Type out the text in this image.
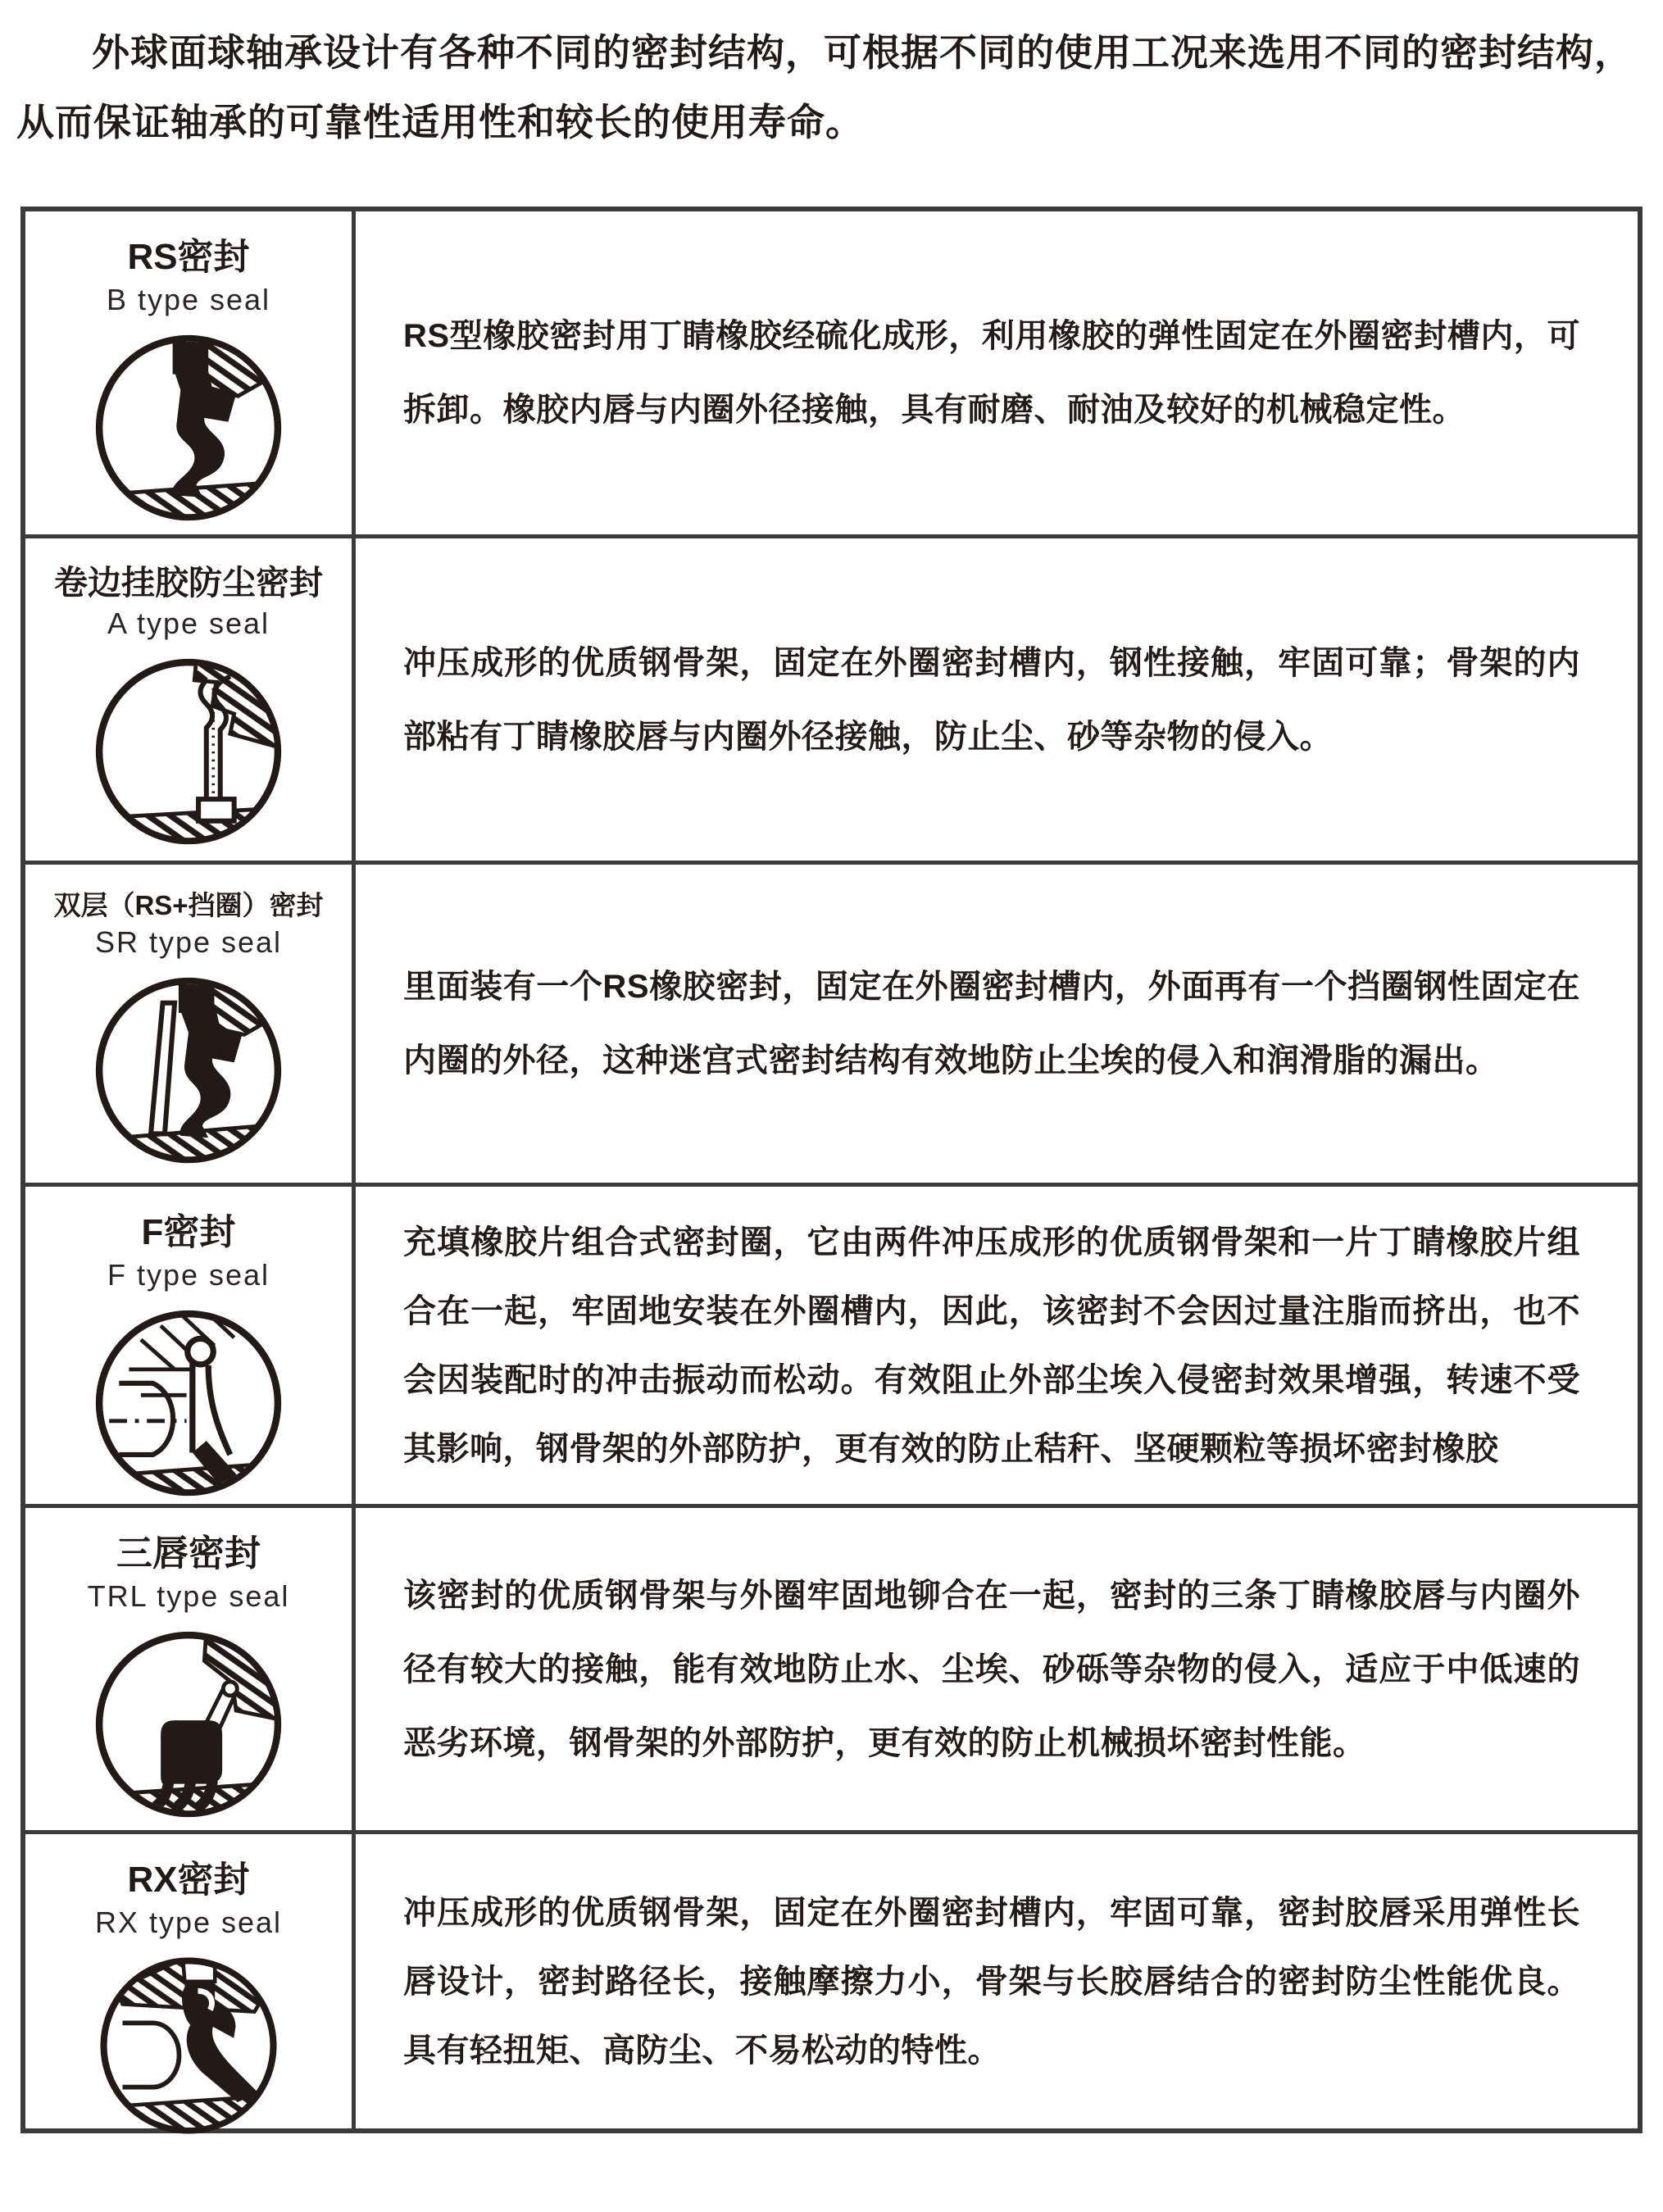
外球面球轴承设计有各种不同的密封结构，可根据不同的使用工况来选用不同的密封结构，从而保证轴承的可靠性适用性和较长的使用寿命。

RS密封
B type seal

RS型橡胶密封用丁睛橡胶经硫化成形，利用橡胶的弹性固定在外圈密封槽内，可拆卸。橡胶内唇与内圈外径接触，具有耐磨、耐油及较好的机械稳定性。

卷边挂胶防尘密封
A type seal

冲压成形的优质钢骨架，固定在外圈密封槽内，钢性接触，牢固可靠；骨架的内部粘有丁睛橡胶唇与内圈外径接触，防止尘、砂等杂物的侵入。

双层（RS+挡圈）密封
SR type seal

里面装有一个RS橡胶密封，固定在外圈密封槽内，外面再有一个挡圈钢性固定在内圈的外径，这种迷宫式密封结构有效地防止尘埃的侵入和润滑脂的漏出。

F密封
F type seal

充填橡胶片组合式密封圈，它由两件冲压成形的优质钢骨架和一片丁睛橡胶片组合在一起，牢固地安装在外圈槽内，因此，该密封不会因过量注脂而挤出，也不会因装配时的冲击振动而松动。有效阻止外部尘埃入侵密封效果增强，转速不受其影响，钢骨架的外部防护，更有效的防止秸秆、坚硬颗粒等损坏密封橡胶

三唇密封
TRL type seal	该密封的优质钢骨架与外圈牢固地铆合在一起，密封的三条丁睛橡胶唇与内圈外径有较大的接触，能有效地防止水、尘埃、砂砾等杂物的侵入，适应于中低速的恶劣环境，钢骨架的外部防护，更有效的防止机械损坏密封性能。

RX密封
RX type seal	冲压成形的优质钢骨架，固定在外圈密封槽内，牢固可靠，密封胶唇采用弹性长唇设计，密封路径长，接触摩擦力小，骨架与长胶唇结合的密封防尘性能优良。具有轻扭矩、高防尘、不易松动的特性。
